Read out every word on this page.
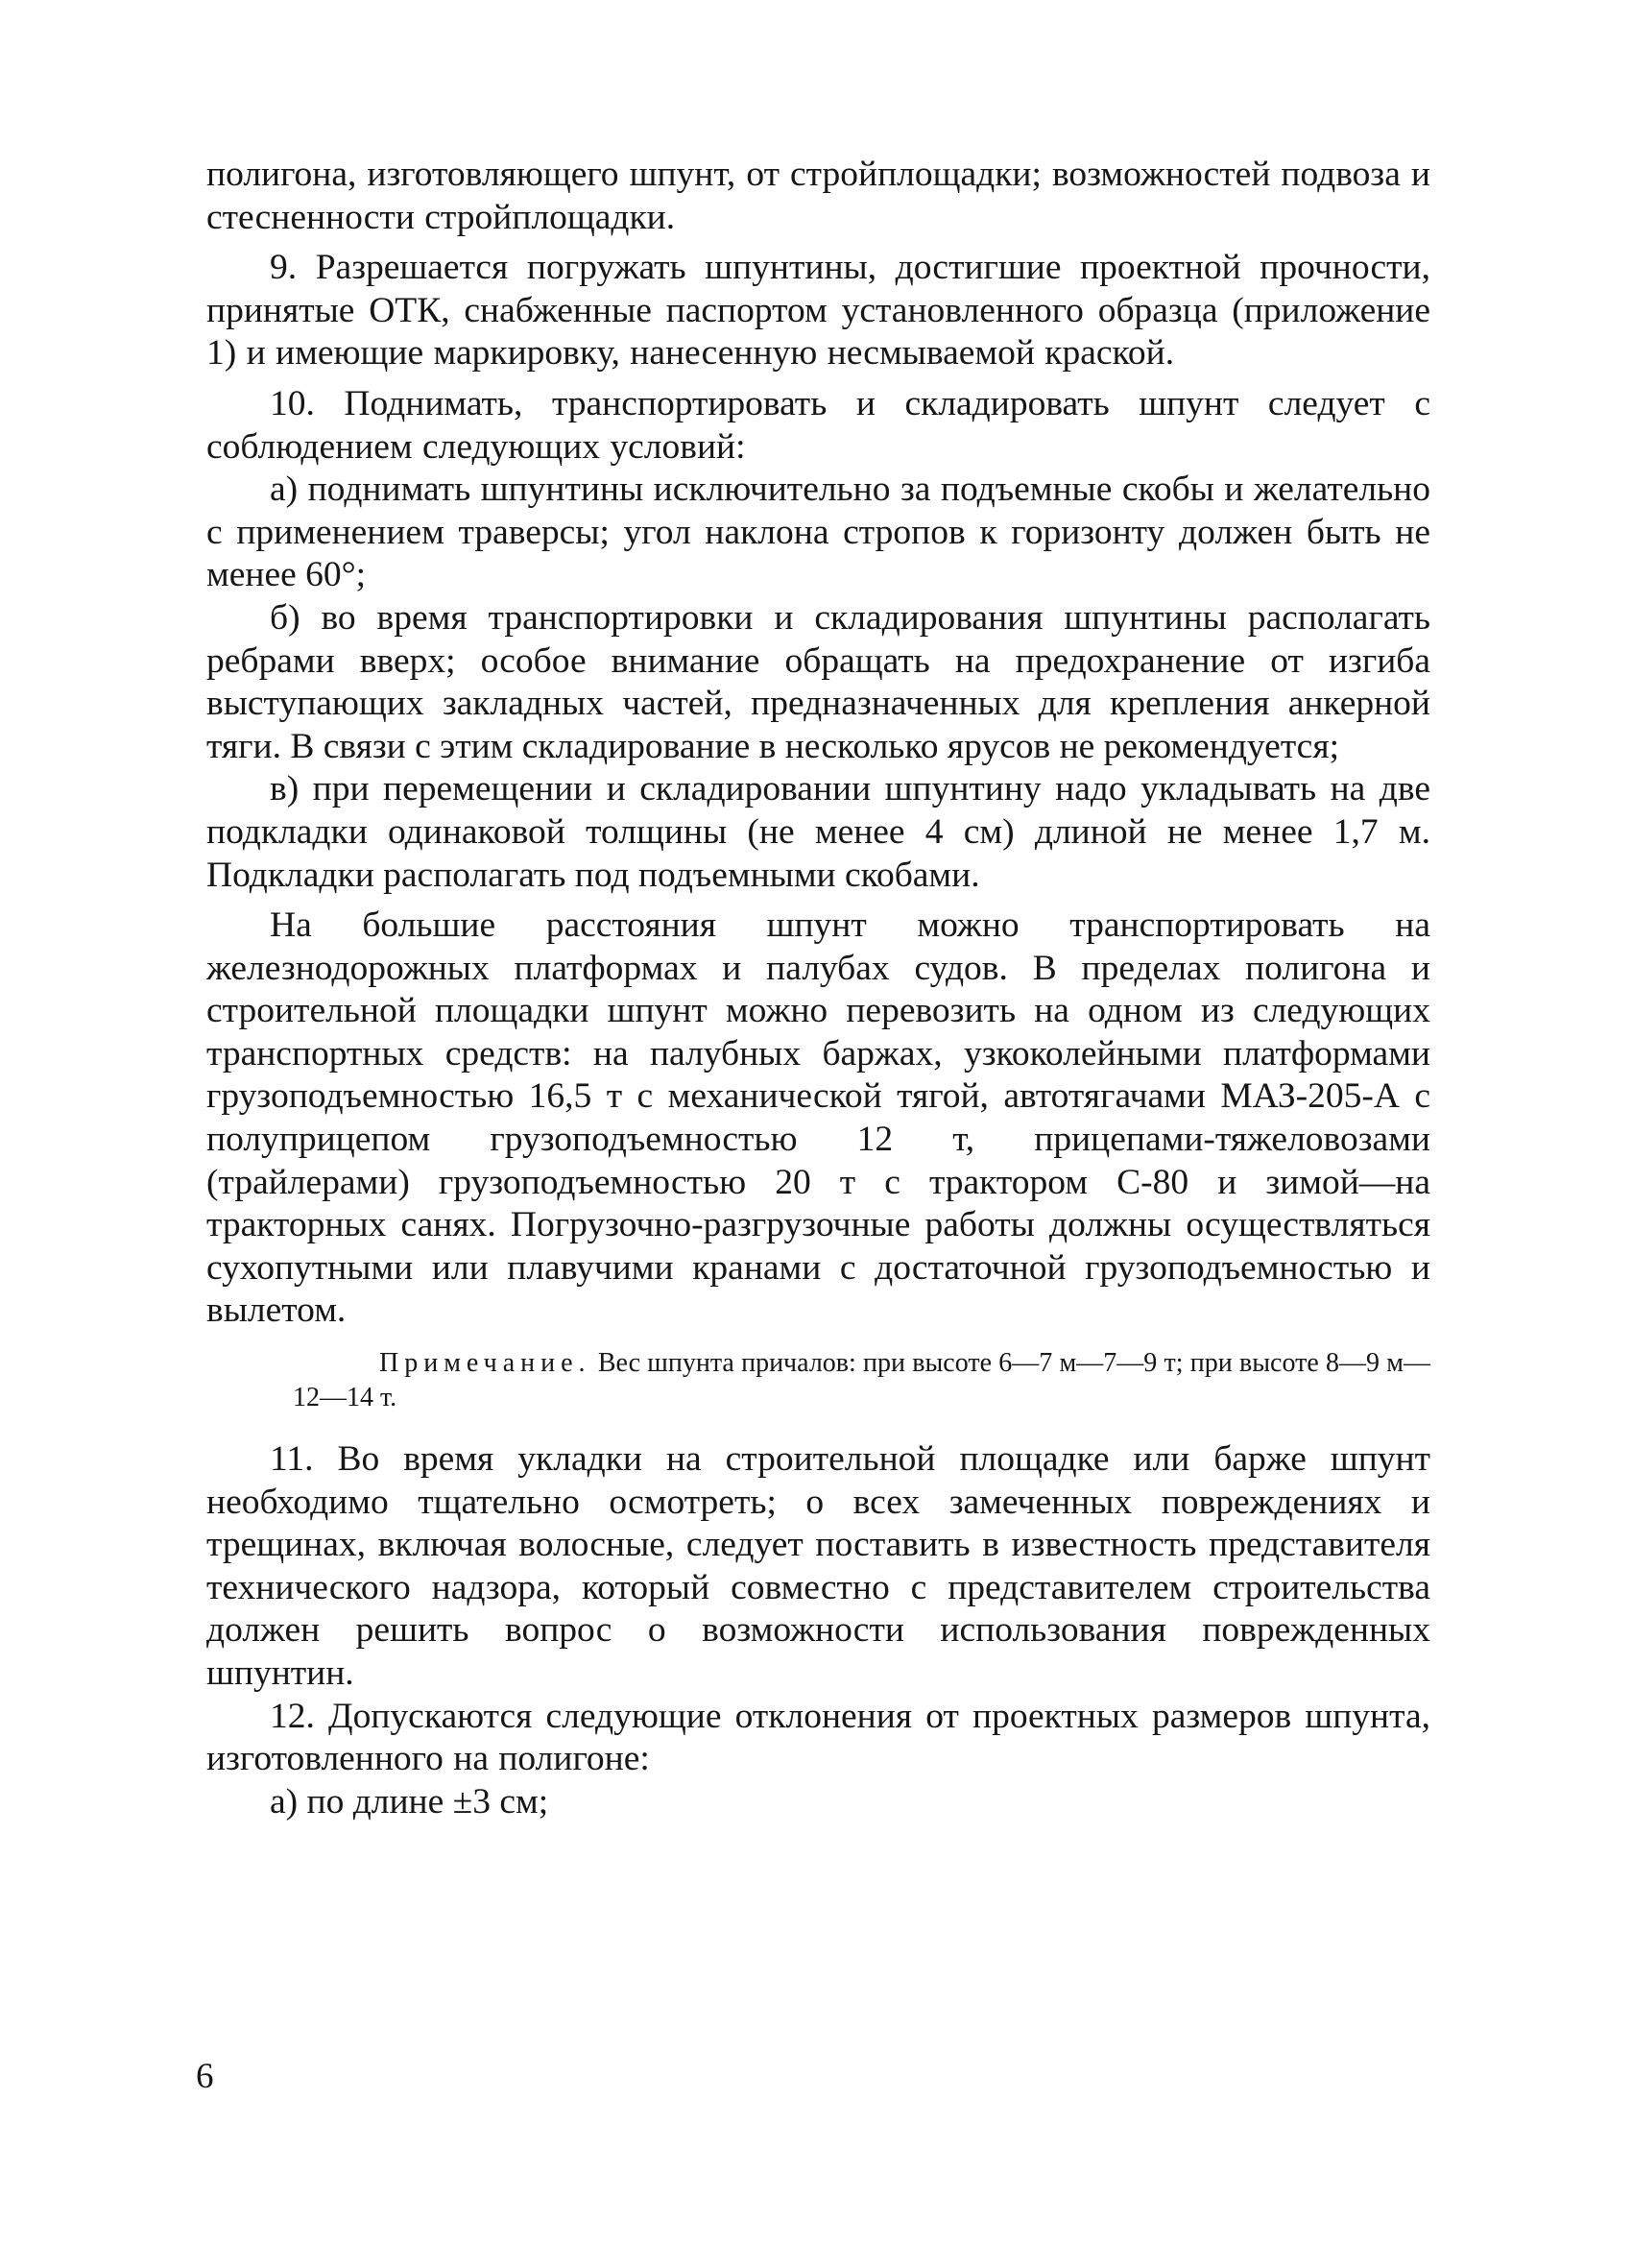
полигона, изготовляющего шпунт, от стройплощадки; возможностей подвоза и стесненности стройплощадки.

9. Разрешается погружать шпунтины, достигшие проектной прочности, принятые ОТК, снабженные паспортом установленного образца (приложение 1) и имеющие маркировку, нанесенную несмываемой краской.

10. Поднимать, транспортировать и складировать шпунт следует с соблюдением следующих условий:

а) поднимать шпунтины исключительно за подъемные скобы и желательно с применением траверсы; угол наклона стропов к горизонту должен быть не менее 60°;

б) во время транспортировки и складирования шпунтины располагать ребрами вверх; особое внимание обращать на предохранение от изгиба выступающих закладных частей, предназначенных для крепления анкерной тяги. В связи с этим складирование в несколько ярусов не рекомендуется;

в) при перемещении и складировании шпунтину надо укладывать на две подкладки одинаковой толщины (не менее 4 см) длиной не менее 1,7 м. Подкладки располагать под подъемными скобами.

На большие расстояния шпунт можно транспортировать на железнодорожных платформах и палубах судов. В пределах полигона и строительной площадки шпунт можно перевозить на одном из следующих транспортных средств: на палубных баржах, узкоколейными платформами грузоподъемностью 16,5 т с механической тягой, автотягачами МАЗ-205-А с полуприцепом грузоподъемностью 12 т, прицепами-тяжеловозами (трайлерами) грузоподъемностью 20 т с трактором С-80 и зимой—на тракторных санях. Погрузочно-разгрузочные работы должны осуществляться сухопутными или плавучими кранами с достаточной грузоподъемностью и вылетом.

Примечание. Вес шпунта причалов: при высоте 6—7 м—7—9 т; при высоте 8—9 м—12—14 т.

11. Во время укладки на строительной площадке или барже шпунт необходимо тщательно осмотреть; о всех замеченных повреждениях и трещинах, включая волосные, следует поставить в известность представителя технического надзора, который совместно с представителем строительства должен решить вопрос о возможности использования поврежденных шпунтин.

12. Допускаются следующие отклонения от проектных размеров шпунта, изготовленного на полигоне:

а) по длине ±3 см;

6
